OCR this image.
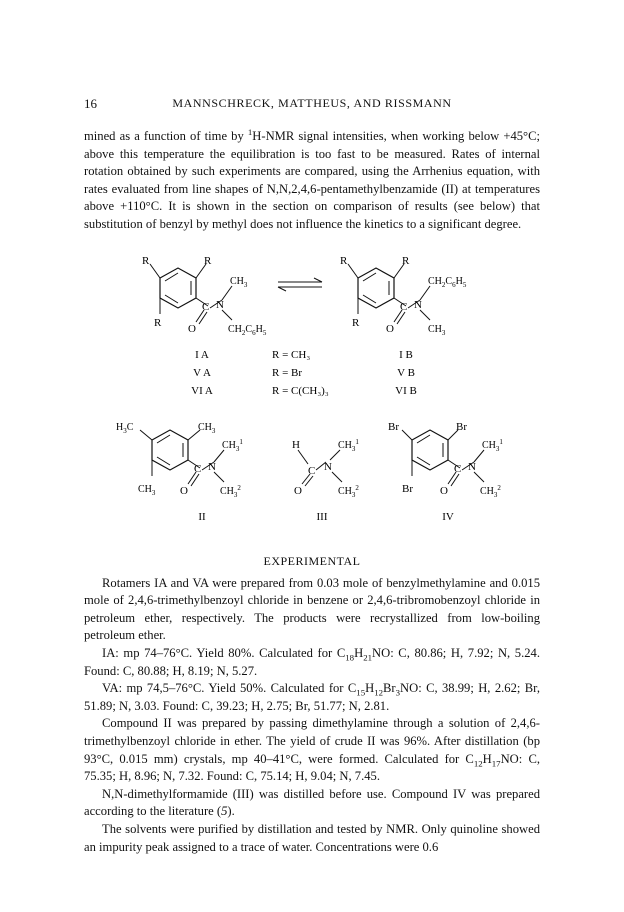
16	MANNSCHRECK, MATTHEUS, AND RISSMANN

mined as a function of time by $^1$H-NMR signal intensities, when working below +45°C; above this temperature the equilibration is too fast to be measured. Rates of internal rotation obtained by such experiments are compared, using the Arrhenius equation, with rates evaluated from line shapes of N,N,2,4,6-pentamethylbenzamide (II) at temperatures above +110°C. It is shown in the section on comparison of results (see below) that substitution of benzyl by methyl does not influence the kinetics to a significant degree.

R	R
R O
C N
$CH_3$
$CH_2C_6H_5$
R	R
R O
C N
$CH_2C_6H_5$
$CH_3$
I A	R = CH₃	I B
V A	R = Br	V B
VI A	R = C(CH₃)₃	VI B
$H_3C$	$CH_3$
$CH_3$ O
C N
$CH_3^1$
$CH_3^2$
H
C N
O
$CH_3^1$
$CH_3^2$
Br	Br
Br O
C N
$CH_3^1$
$CH_3^2$
II	III	IV

EXPERIMENTAL

Rotamers IA and VA were prepared from 0.03 mole of benzylmethylamine and 0.015 mole of 2,4,6-trimethylbenzoyl chloride in benzene or 2,4,6-tribromobenzoyl chloride in petroleum ether, respectively. The products were recrystallized from low-boiling petroleum ether.

IA: mp 74–76°C. Yield 80%. Calculated for $C_{18}H_{21}NO$: C, 80.86; H, 7.92; N, 5.24. Found: C, 80.88; H, 8.19; N, 5.27.

VA: mp 74,5–76°C. Yield 50%. Calculated for $C_{15}H_{12}Br_3NO$: C, 38.99; H, 2.62; Br, 51.89; N, 3.03. Found: C, 39.23; H, 2.75; Br, 51.77; N, 2.81.

Compound II was prepared by passing dimethylamine through a solution of 2,4,6-trimethylbenzoyl chloride in ether. The yield of crude II was 96%. After distillation (bp 93°C, 0.015 mm) crystals, mp 40–41°C, were formed. Calculated for $C_{12}H_{17}NO$: C, 75.35; H, 8.96; N, 7.32. Found: C, 75.14; H, 9.04; N, 7.45.

N,N-dimethylformamide (III) was distilled before use. Compound IV was prepared according to the literature (5).

The solvents were purified by distillation and tested by NMR. Only quinoline showed an impurity peak assigned to a trace of water. Concentrations were 0.6
